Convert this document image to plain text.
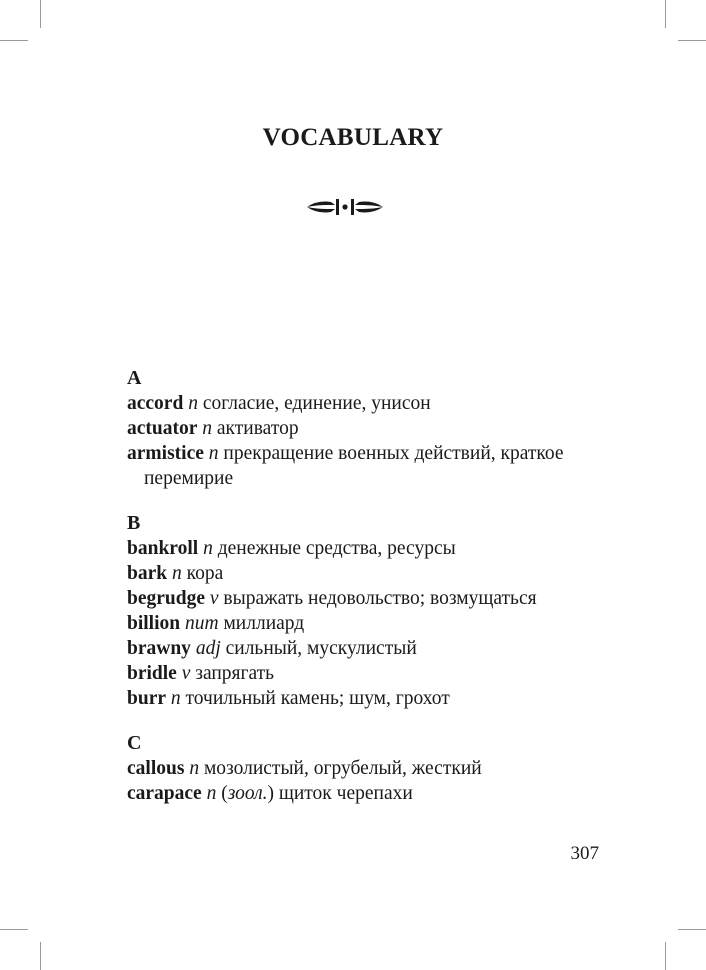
VOCABULARY
A
accord n согласие, единение, унисон
actuator n активатор
armistice n прекращение военных действий, краткое перемирие
B
bankroll n денежные средства, ресурсы
bark n кора
begrudge v выражать недовольство; возмущаться
billion num миллиард
brawny adj сильный, мускулистый
bridle v запрягать
burr n точильный камень; шум, грохот
C
callous n мозолистый, огрубелый, жесткий
carapace n (зоол.) щиток черепахи
307
